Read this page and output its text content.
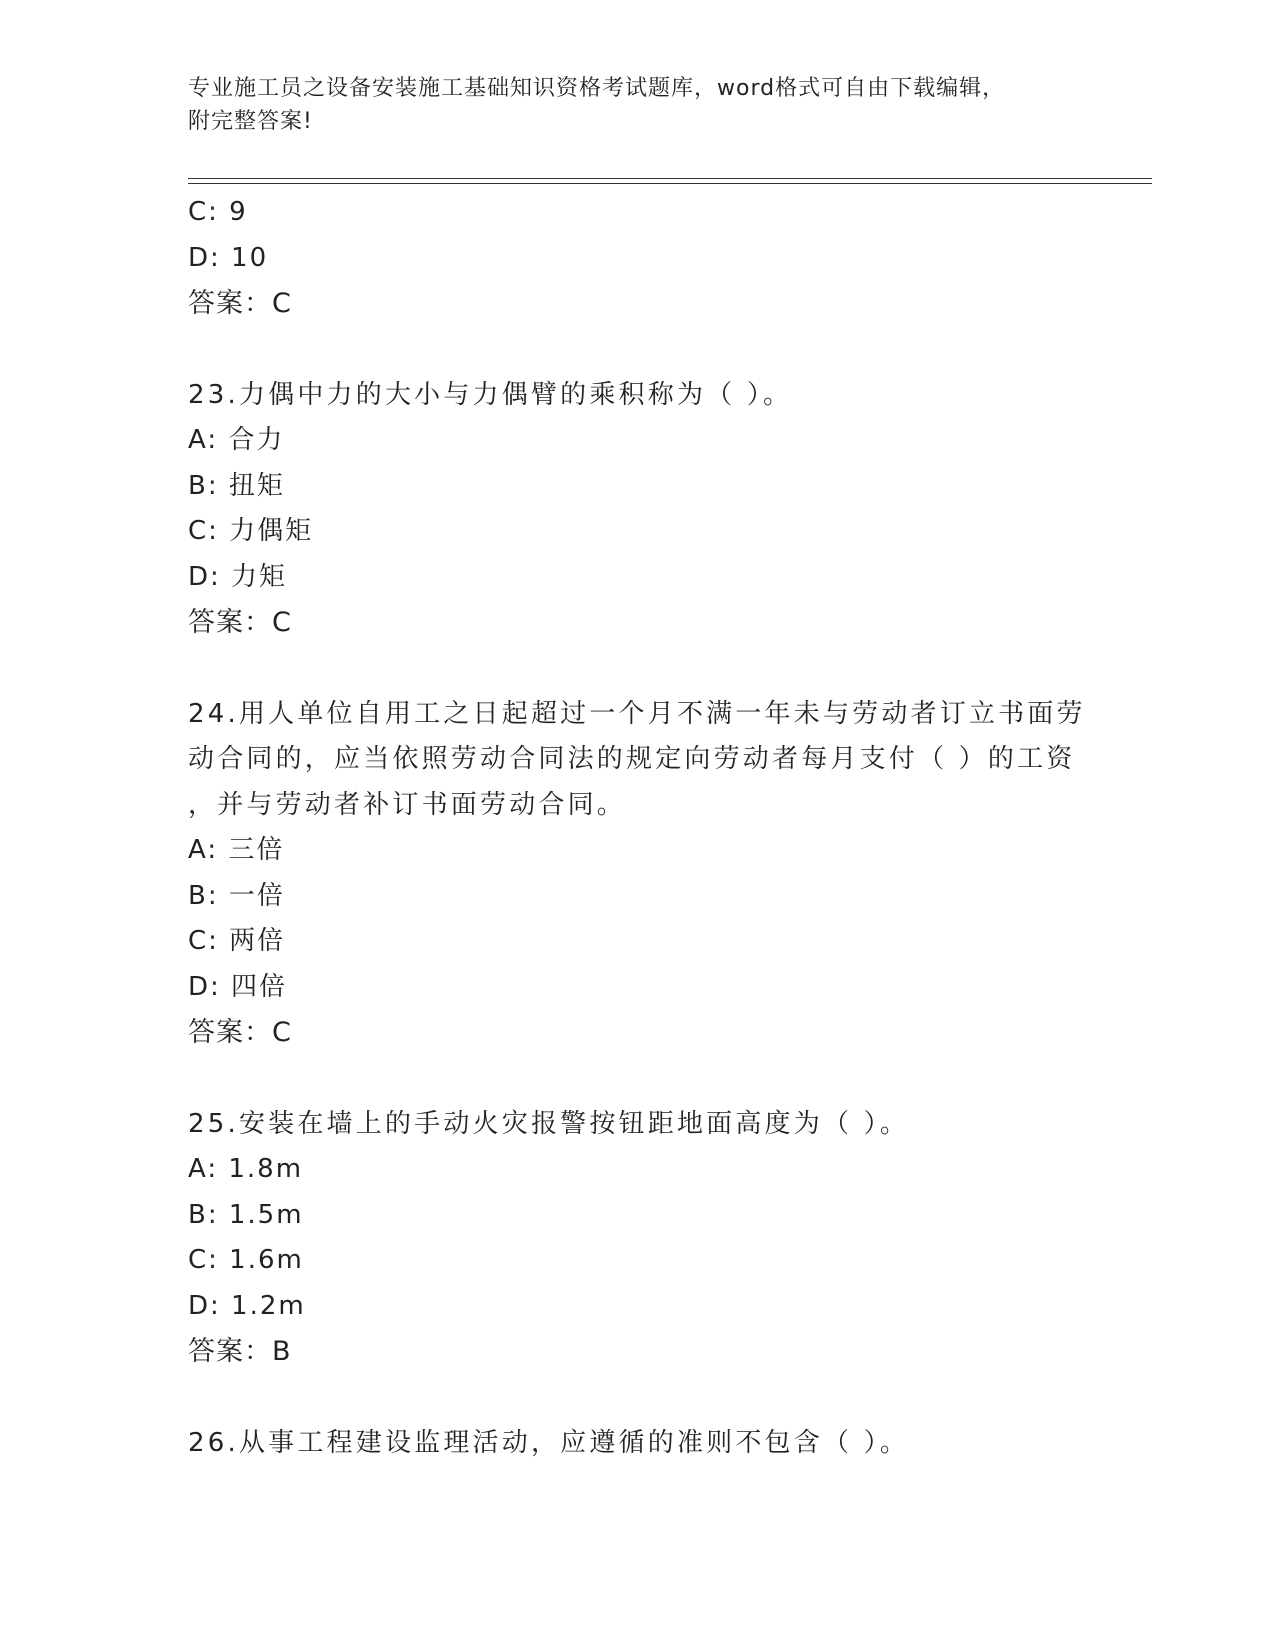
专业施工员之设备安装施工基础知识资格考试题库，word格式可自由下载编辑，
附完整答案!
C: 9
D: 10
答案：C
23.力偶中力的大小与力偶臂的乘积称为（ ）。
A: 合力
B: 扭矩
C: 力偶矩
D: 力矩
答案：C
24.用人单位自用工之日起超过一个月不满一年未与劳动者订立书面劳
动合同的，应当依照劳动合同法的规定向劳动者每月支付（ ）的工资
，并与劳动者补订书面劳动合同。
A: 三倍
B: 一倍
C: 两倍
D: 四倍
答案：C
25.安装在墙上的手动火灾报警按钮距地面高度为（ ）。
A: 1.8m
B: 1.5m
C: 1.6m
D: 1.2m
答案：B
26.从事工程建设监理活动，应遵循的准则不包含（ ）。
